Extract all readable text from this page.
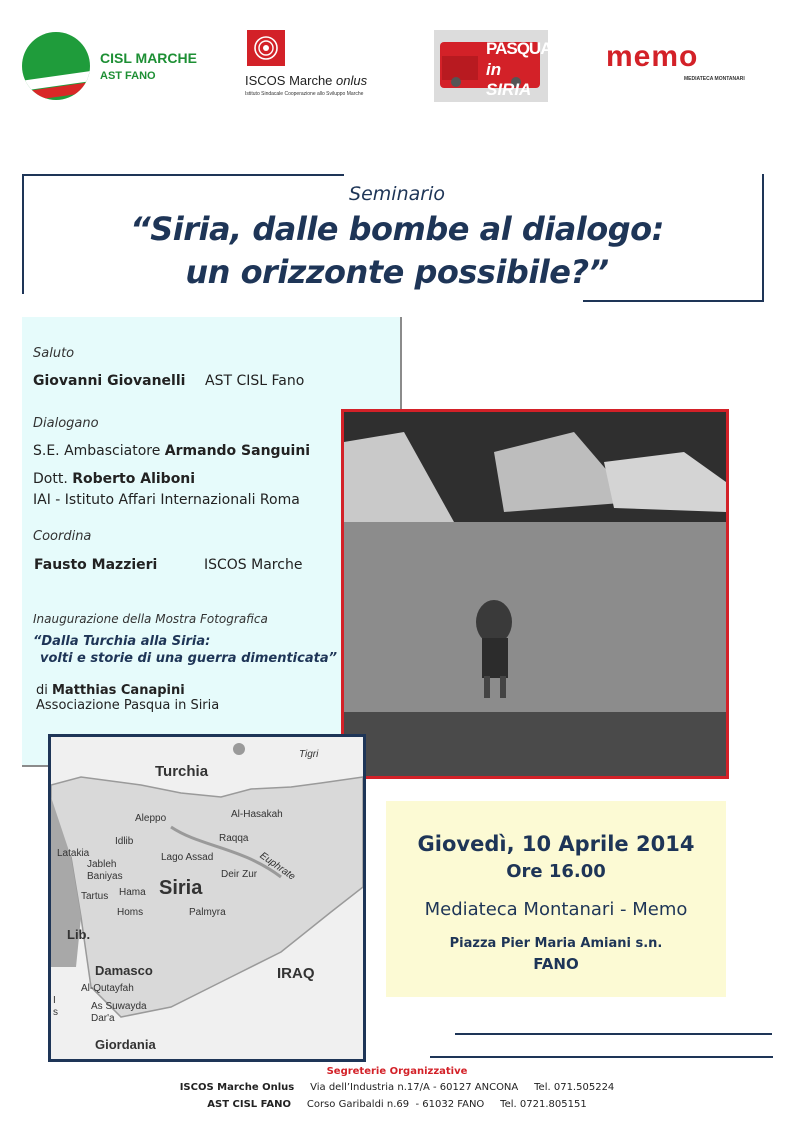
CISL MARCHE
AST FANO	ISCOS Marche onlus
Istituto Sindacale Cooperazione allo Sviluppo Marche
PASQUA
in SIRIA
memo
MEDIATECA MONTANARI
Seminario
“Siria, dalle bombe al dialogo:
un orizzonte possibile?”
Saluto
Giovanni Giovanelli AST CISL Fano
Dialogano
S.E. Ambasciatore Armando Sanguini
Dott. Roberto Aliboni
IAI - Istituto Affari Internazionali Roma
Coordina
Fausto Mazzieri	ISCOS Marche
Inaugurazione della Mostra Fotografica
“Dalla Turchia alla Siria:
volti e storie di una guerra dimenticata”
di Matthias Canapini
Associazione Pasqua in Siria
Turchia
Tigri
Aleppo	Al-Hasakah
Idlib	Raqqa
Latakia
Jableh
Baniyas
Lago Assad	Euphrate
Tartus Hama Siria
Deir Zur
Homs	Palmyra
Lib.
Damasco	IRAQ
Al-Qutayfah
As Suwayda
Dar'a
I
s
Giordania
Giovedì, 10 Aprile 2014
Ore 16.00
Mediateca Montanari - Memo
Piazza Pier Maria Amiani s.n.
FANO
Segreterie Organizzative
ISCOS Marche Onlus     Via dell’Industria n.17/A - 60127 ANCONA     Tel. 071.505224
AST CISL FANO     Corso Garibaldi n.69  - 61032 FANO     Tel. 0721.805151
